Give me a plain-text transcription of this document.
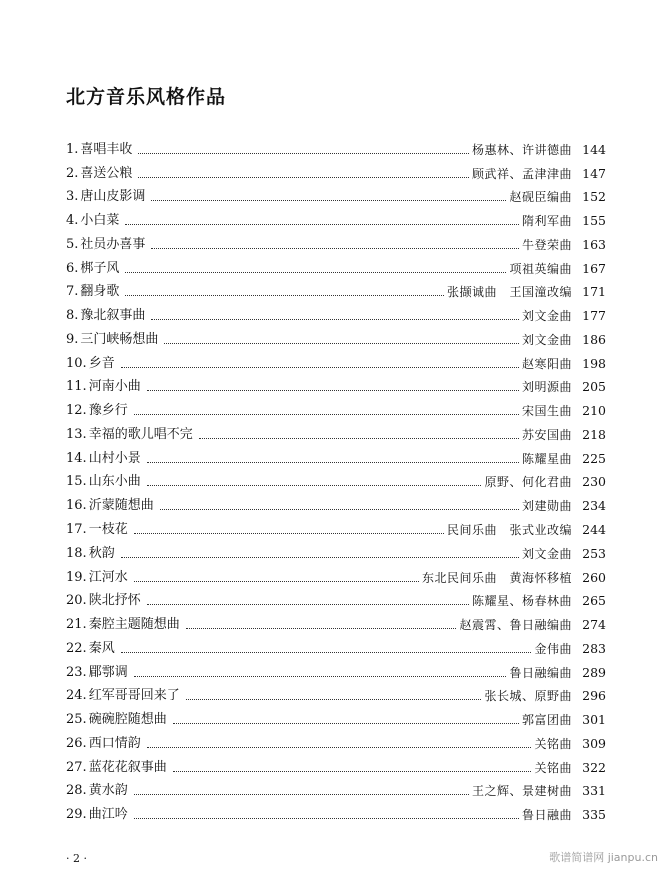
北方音乐风格作品
1. 喜唱丰收	杨惠林、许讲德曲 144
2. 喜送公粮	顾武祥、孟津津曲 147
3. 唐山皮影调	赵砚臣编曲 152
4. 小白菜	隋利军曲 155
5. 社员办喜事	牛登荣曲 163
6. 梆子风	项祖英编曲 167
7. 翻身歌	张撷诚曲　王国潼改编 171
8. 豫北叙事曲	刘文金曲 177
9. 三门峡畅想曲	刘文金曲 186
10. 乡音	赵寒阳曲 198
11. 河南小曲	刘明源曲 205
12. 豫乡行	宋国生曲 210
13. 幸福的歌儿唱不完	苏安国曲 218
14. 山村小景	陈耀星曲 225
15. 山东小曲	原野、何化君曲 230
16. 沂蒙随想曲	刘建勋曲 234
17. 一枝花	民间乐曲　张式业改编 244
18. 秋韵	刘文金曲 253
19. 江河水	东北民间乐曲　黄海怀移植 260
20. 陕北抒怀	陈耀星、杨春林曲 265
21. 秦腔主题随想曲	赵震霄、鲁日融编曲 274
22. 秦风	金伟曲 283
23. 郿鄠调	鲁日融编曲 289
24. 红军哥哥回来了	张长城、原野曲 296
25. 碗碗腔随想曲	郭富团曲 301
26. 西口情韵	关铭曲 309
27. 蓝花花叙事曲	关铭曲 322
28. 黄水韵	王之辉、景建树曲 331
29. 曲江吟	鲁日融曲 335
· 2 ·	歌谱简谱网 jianpu.cn
